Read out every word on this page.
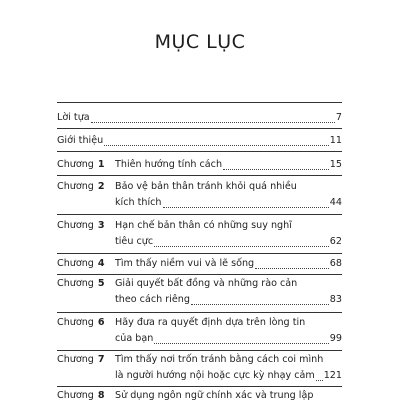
MỤC LỤC
Lời tựa	7
Giới thiệu	11
Chương 1	Thiên hướng tính cách	15
Chương 2	Bảo vệ bản thân tránh khỏi quá nhiều
kích thích	44
Chương 3	Hạn chế bản thân có những suy nghĩ
tiêu cực	62
Chương 4	Tìm thấy niềm vui và lẽ sống	68
Chương 5	Giải quyết bất đồng và những rào cản
theo cách riêng	83
Chương 6	Hãy đưa ra quyết định dựa trên lòng tin
của bạn	99
Chương 7	Tìm thấy nơi trốn tránh bằng cách coi mình
là người hướng nội hoặc cực kỳ nhạy cảm 121
Chương 8	Sử dụng ngôn ngữ chính xác và trung lập
